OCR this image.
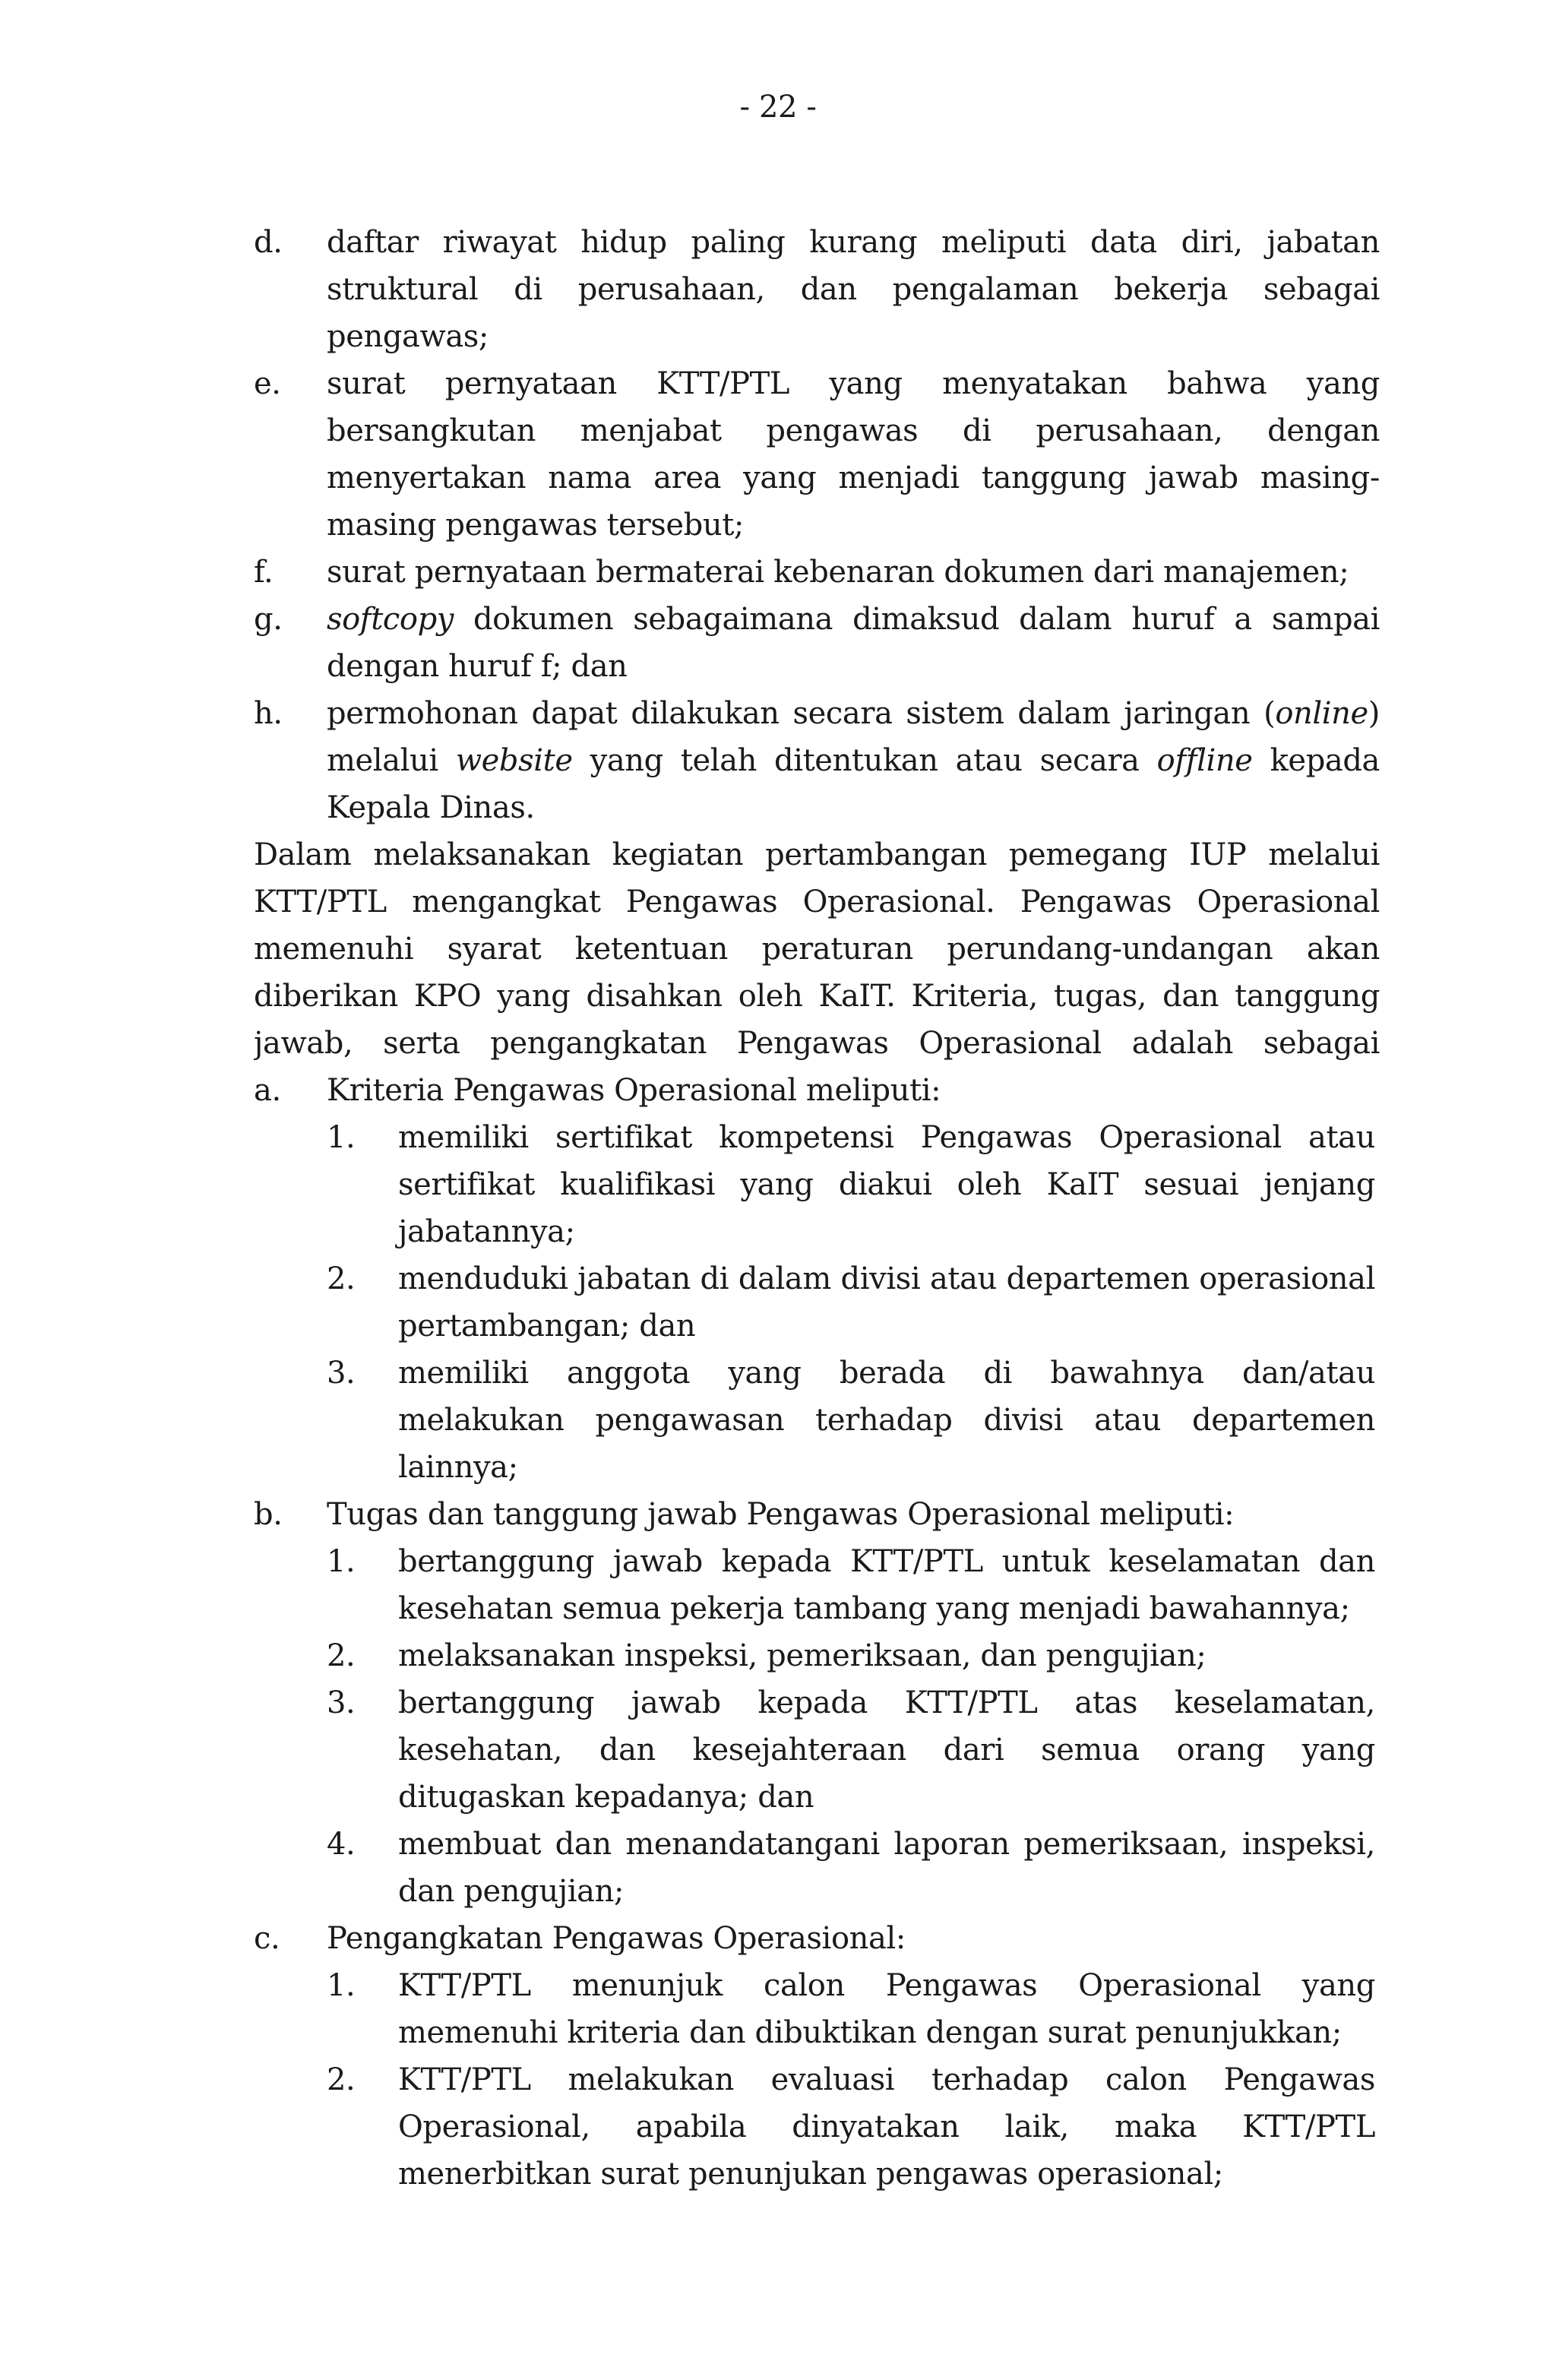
- 22 -
d. daftar riwayat hidup paling kurang meliputi data diri, jabatan
struktural di perusahaan, dan pengalaman bekerja sebagai
pengawas;
e. surat pernyataan KTT/PTL yang menyatakan bahwa yang
bersangkutan menjabat pengawas di perusahaan, dengan
menyertakan nama area yang menjadi tanggung jawab masing-
masing pengawas tersebut;
f. surat pernyataan bermaterai kebenaran dokumen dari manajemen;
g. softcopy dokumen sebagaimana dimaksud dalam huruf a sampai
dengan huruf f; dan
h. permohonan dapat dilakukan secara sistem dalam jaringan (online)
melalui website yang telah ditentukan atau secara offline kepada
Kepala Dinas.
Dalam melaksanakan kegiatan pertambangan pemegang IUP melalui
KTT/PTL mengangkat Pengawas Operasional. Pengawas Operasional
memenuhi syarat ketentuan peraturan perundang-undangan akan
diberikan KPO yang disahkan oleh KaIT. Kriteria, tugas, dan tanggung
jawab, serta pengangkatan Pengawas Operasional adalah sebagai
a. Kriteria Pengawas Operasional meliputi:
1. memiliki sertifikat kompetensi Pengawas Operasional atau
sertifikat kualifikasi yang diakui oleh KaIT sesuai jenjang
jabatannya;
2. menduduki jabatan di dalam divisi atau departemen operasional
pertambangan; dan
3. memiliki anggota yang berada di bawahnya dan/atau
melakukan pengawasan terhadap divisi atau departemen
lainnya;
b. Tugas dan tanggung jawab Pengawas Operasional meliputi:
1. bertanggung jawab kepada KTT/PTL untuk keselamatan dan
kesehatan semua pekerja tambang yang menjadi bawahannya;
2. melaksanakan inspeksi, pemeriksaan, dan pengujian;
3. bertanggung jawab kepada KTT/PTL atas keselamatan,
kesehatan, dan kesejahteraan dari semua orang yang
ditugaskan kepadanya; dan
4. membuat dan menandatangani laporan pemeriksaan, inspeksi,
dan pengujian;
c. Pengangkatan Pengawas Operasional:
1. KTT/PTL menunjuk calon Pengawas Operasional yang
memenuhi kriteria dan dibuktikan dengan surat penunjukkan;
2. KTT/PTL melakukan evaluasi terhadap calon Pengawas
Operasional, apabila dinyatakan laik, maka KTT/PTL
menerbitkan surat penunjukan pengawas operasional;
